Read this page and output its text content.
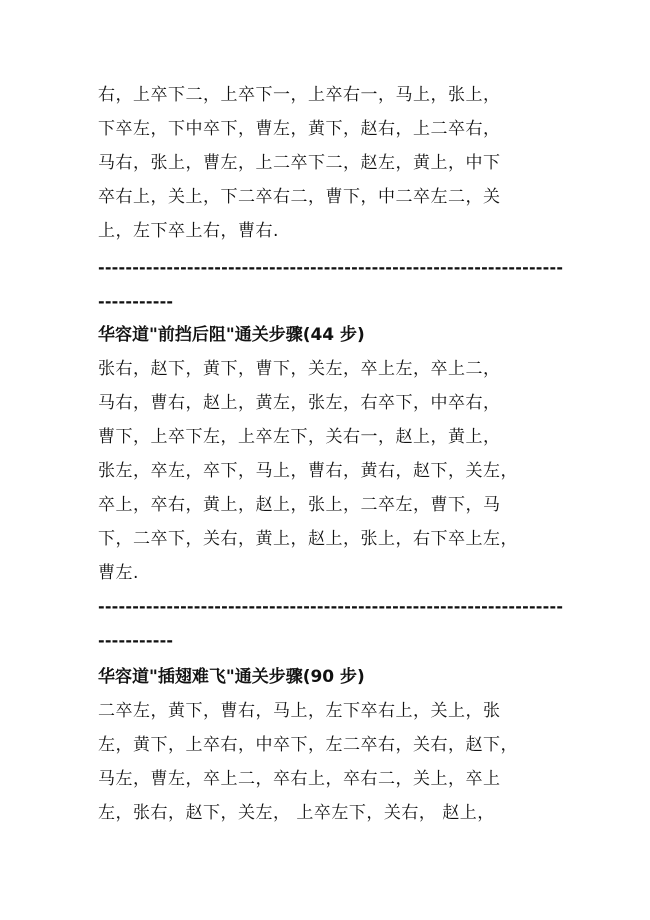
右，上卒下二，上卒下一，上卒右一，马上，张上，
下卒左，下中卒下，曹左，黄下，赵右，上二卒右，
马右，张上，曹左，上二卒下二，赵左，黄上，中下
卒右上，关上，下二卒右二，曹下，中二卒左二，关
上，左下卒上右，曹右.
--------------------------------------------------------------------
-----------
华容道"前挡后阻"通关步骤(44 步)
张右，赵下，黄下，曹下，关左，卒上左，卒上二，
马右，曹右，赵上，黄左，张左，右卒下，中卒右，
曹下，上卒下左，上卒左下，关右一，赵上，黄上，
张左，卒左，卒下，马上，曹右，黄右，赵下，关左，
卒上，卒右，黄上，赵上，张上，二卒左，曹下，马
下，二卒下，关右，黄上，赵上，张上，右下卒上左，
曹左.
--------------------------------------------------------------------
-----------
华容道"插翅难飞"通关步骤(90 步)
二卒左，黄下，曹右，马上，左下卒右上，关上，张
左，黄下，上卒右，中卒下，左二卒右，关右，赵下，
马左，曹左，卒上二，卒右上，卒右二，关上，卒上
左，张右，赵下，关左， 上卒左下，关右， 赵上，
